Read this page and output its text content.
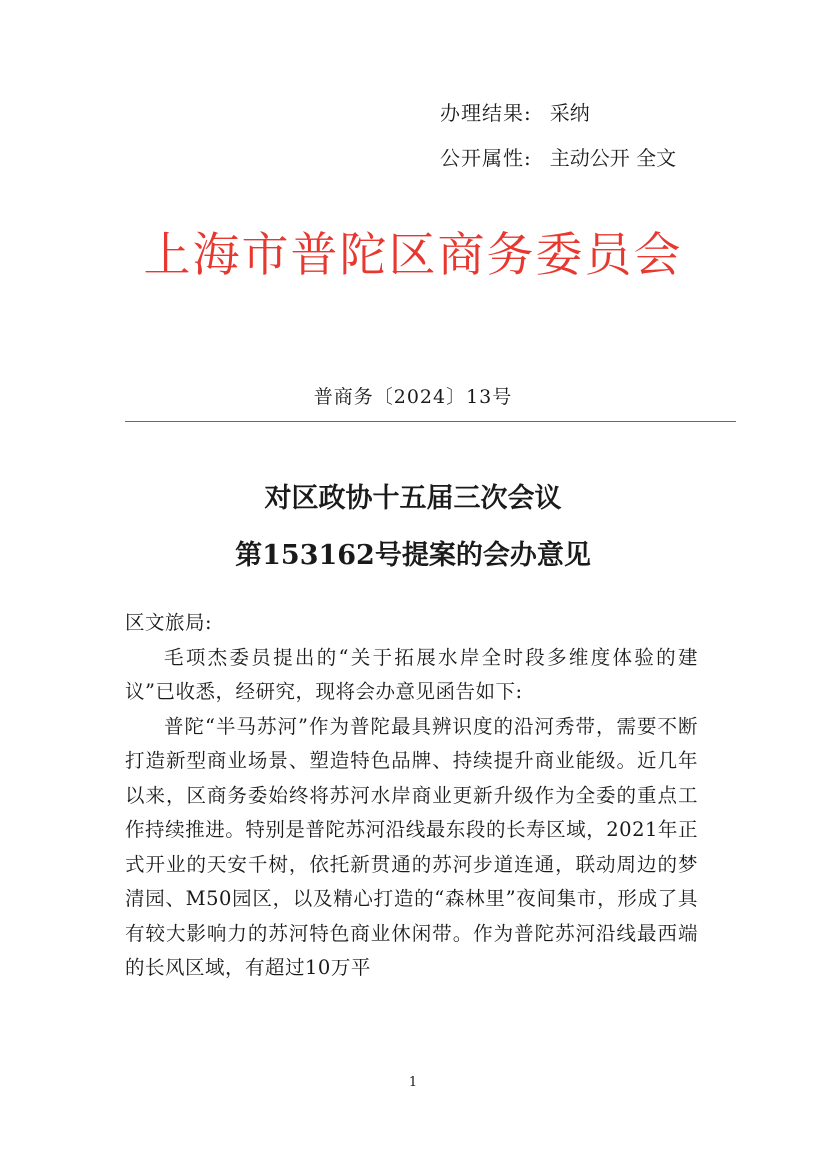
办理结果: 采纳
公开属性: 主动公开 全文
上海市普陀区商务委员会
普商务〔2024〕13号
对区政协十五届三次会议
第153162号提案的会办意见

区文旅局:

毛项杰委员提出的“关于拓展水岸全时段多维度体验的建议”已收悉，经研究，现将会办意见函告如下:

普陀“半马苏河”作为普陀最具辨识度的沿河秀带，需要不断打造新型商业场景、塑造特色品牌、持续提升商业能级。近几年以来，区商务委始终将苏河水岸商业更新升级作为全委的重点工作持续推进。特别是普陀苏河沿线最东段的长寿区域，2021年正式开业的天安千树，依托新贯通的苏河步道连通，联动周边的梦清园、M50园区，以及精心打造的“森林里”夜间集市，形成了具有较大影响力的苏河特色商业休闲带。作为普陀苏河沿线最西端的长风区域，有超过10万平

1
